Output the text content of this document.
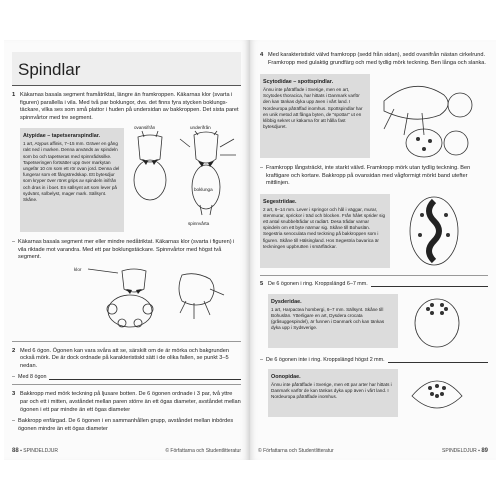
Spindlar
1 Käkarnas basala segment framåtriktat, längre än framkroppen. Käkarnas klor (svarta i figuren) parallella i vila. Med två par boklungor, dvs. det finns fyra stycken boklungs-täckare, vilka ses som små plattor i huden på undersidan av bakkroppen. Det sista paret spinnvårtor med tre segment.

Atypidae – tapetserarspindlar.

1 art, Atypus affinis, 7–15 mm. Gräver en gång rakt ned i marken. Denna används av spindeln som bo och tapetseras med spinnrådssilke. Tapetseringen fortsätter upp över markytan ungefär 10 cm som ett rör ovan jord. Denna del fungerar som ett fångstredskap. Ett bytesdjur som kryper över röret grips av spindeln inifrån och dras in i boet. En sällsynt art som lever på sydvänt, solbelyst, mager mark. Sällsynt. Skåne.

ovansifrån	underifrån
boklunga
spinnvårta
– Käkarnas basala segment mer eller mindre nedåtriktat. Käkarnas klor (svarta i figuren) i vila riktade mot varandra. Med ett par boklungstäckare. Spinnvårtor med högst två segment.

klor
2 Med 6 ögon. Ögonen kan vara svåra att se, särskilt om de är mörka och bakgrunden också mörk. De är dock ordnade på karakteristiskt sätt i de olika fallen, se punkt 3–5 nedan.

– Med 8 ögon
3 Bakkropp med mörk teckning på ljusare botten. De 6 ögonen ordnade i 3 par, två yttre par och ett i mitten, avståndet mellan paren större än ett ögas diameter, avståndet mellan ögonen i ett par mindre än ett ögas diameter

– Bakkropp enfärgad. De 6 ögonen i en sammanhållen grupp, avståndet mellan inbördes ögonen mindre än ett ögas diameter

88 ▪ SPINDELDJUR	© Författarna och Studentlitteratur
4 Med karakteristiskt välvd framkropp (sedd från sidan), sedd ovanifrån nästan cirkelrund. Framkropp med gulaktig grundfärg och med tydlig mörk teckning. Ben långa och slanka.

Scytodidae – spottspindlar.

Ännu inte påträffade i Sverige, men en art, Scytodes thoracica, har hittats i Danmark varför den kan tänkas dyka upp även i vårt land. I Nordeuropa påträffad inomhus. Spottspindlar har en unik metod att fånga byten, de "spottar" ut en klibbig sekret ur käkarna för att hålla fast bytesdjuret.

– Framkropp långsträckt, inte starkt välvd. Framkropp mörk utan tydlig teckning. Ben kraftigare och kortare. Bakkropp på ovansidan med vågformigt mörkt band utefter mittlinjen.

Segestriidae.

2 art, 6–14 mm. Lever i springor och hål i väggar, murar, stenmurar, sprickor i träd och blocken. Från hålet sprider sig ett antal snubbeltrådar ut radiärt. Desa trådar varnar spindeln om ett byte närmar sig. Skåne till Bohuslän. Segestria senoculata med teckning på bakkroppen som i figuren. Skåne till Hälsingland. Hos Segestria bavarica är teckningen uppbrutten i smärfläckar.

5 De 6 ögonen i ring. Kroppslängd 6–7 mm.
Dysderidae.

1 art, Harpactea hombergi, 6–7 mm. Sällsynt. Skåne till Bohuslän. Ytterligare en art, Dysdera crocata (gråsuggespindel), är funnen i Danmark och kan tänkas dyka upp i Sydsverige.

– De 6 ögonen inte i ring. Kroppslängd högst 2 mm.
Oonopidae.

Ännu inte påträffade i Sverige, men ett par arter har hittats i Danmark varför de kan tänkas dyka upp även i vårt land. I Nordeuropa påträffade inomhus.

© Författarna och Studentlitteratur	SPINDELDJUR ▪ 89
